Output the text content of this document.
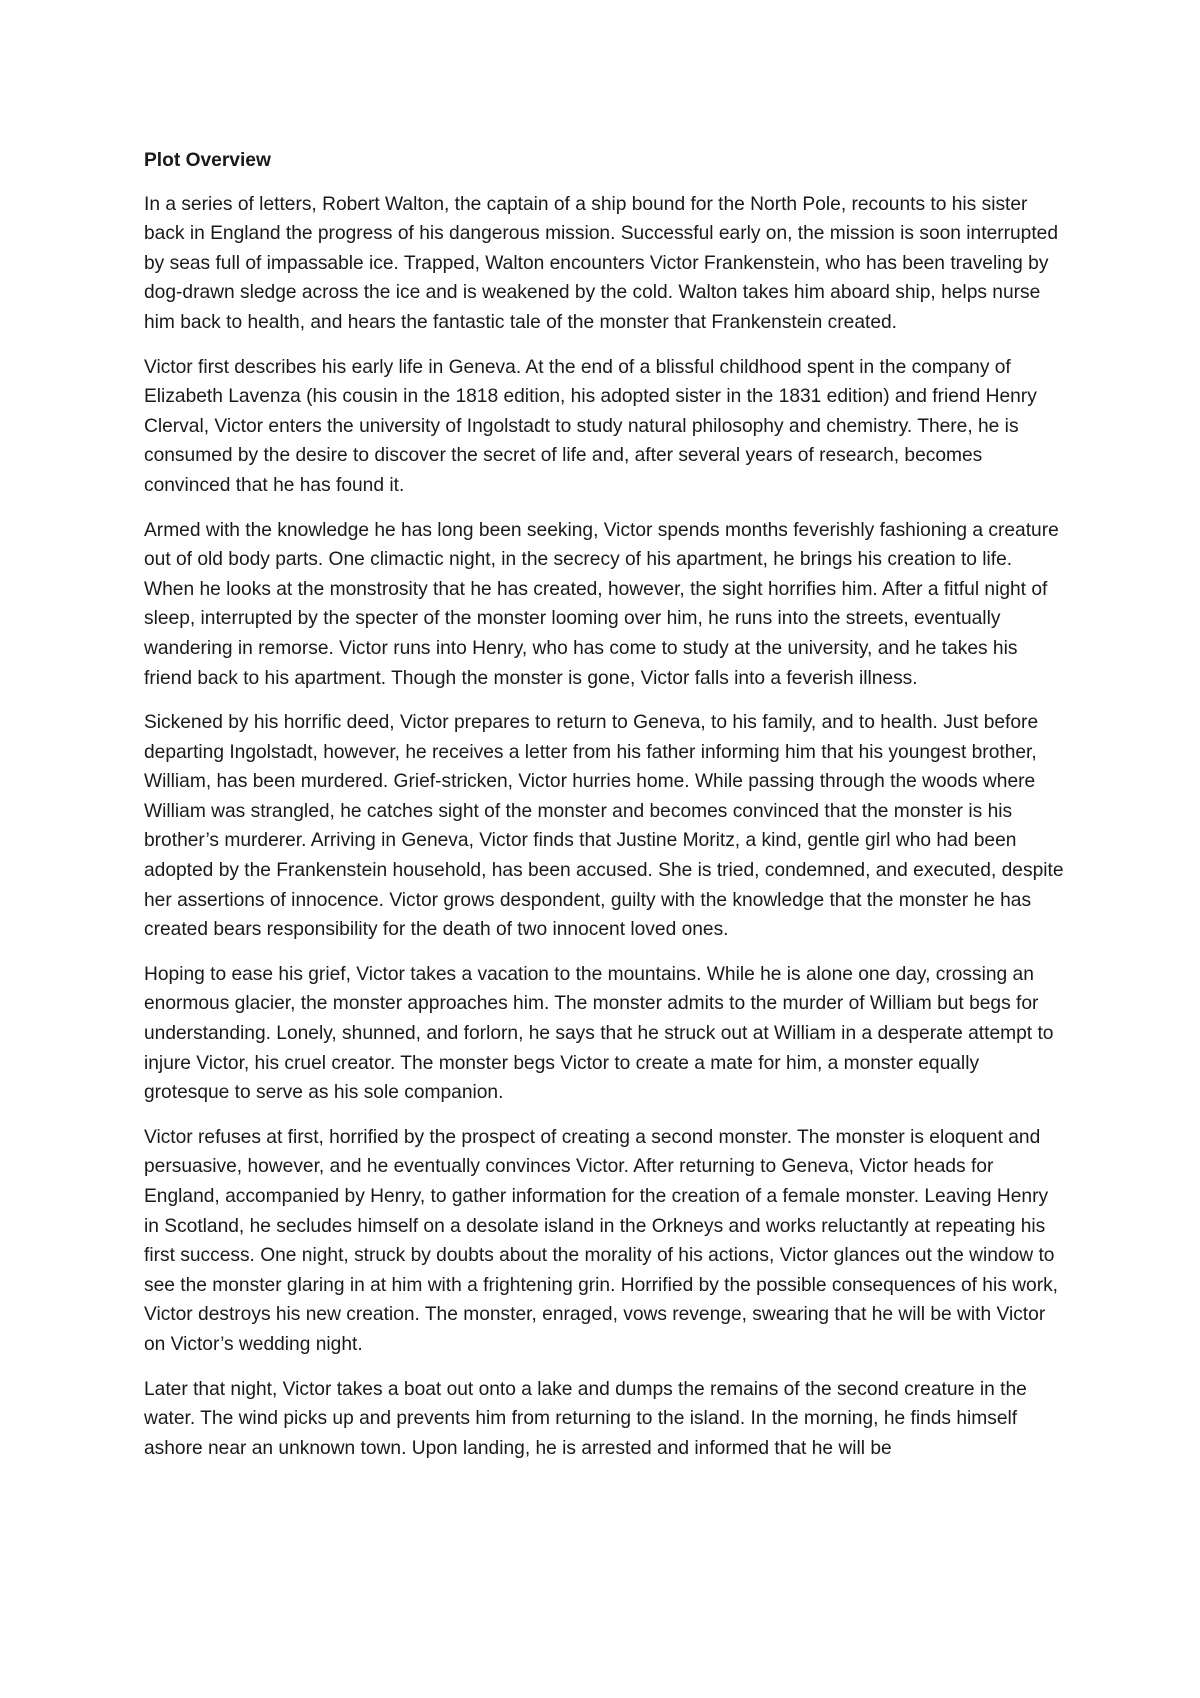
Plot Overview

In a series of letters, Robert Walton, the captain of a ship bound for the North Pole, recounts to his sister back in England the progress of his dangerous mission. Successful early on, the mission is soon interrupted by seas full of impassable ice. Trapped, Walton encounters Victor Frankenstein, who has been traveling by dog-drawn sledge across the ice and is weakened by the cold. Walton takes him aboard ship, helps nurse him back to health, and hears the fantastic tale of the monster that Frankenstein created.

Victor first describes his early life in Geneva. At the end of a blissful childhood spent in the company of Elizabeth Lavenza (his cousin in the 1818 edition, his adopted sister in the 1831 edition) and friend Henry Clerval, Victor enters the university of Ingolstadt to study natural philosophy and chemistry. There, he is consumed by the desire to discover the secret of life and, after several years of research, becomes convinced that he has found it.

Armed with the knowledge he has long been seeking, Victor spends months feverishly fashioning a creature out of old body parts. One climactic night, in the secrecy of his apartment, he brings his creation to life. When he looks at the monstrosity that he has created, however, the sight horrifies him. After a fitful night of sleep, interrupted by the specter of the monster looming over him, he runs into the streets, eventually wandering in remorse. Victor runs into Henry, who has come to study at the university, and he takes his friend back to his apartment. Though the monster is gone, Victor falls into a feverish illness.

Sickened by his horrific deed, Victor prepares to return to Geneva, to his family, and to health. Just before departing Ingolstadt, however, he receives a letter from his father informing him that his youngest brother, William, has been murdered. Grief-stricken, Victor hurries home. While passing through the woods where William was strangled, he catches sight of the monster and becomes convinced that the monster is his brother’s murderer. Arriving in Geneva, Victor finds that Justine Moritz, a kind, gentle girl who had been adopted by the Frankenstein household, has been accused. She is tried, condemned, and executed, despite her assertions of innocence. Victor grows despondent, guilty with the knowledge that the monster he has created bears responsibility for the death of two innocent loved ones.

Hoping to ease his grief, Victor takes a vacation to the mountains. While he is alone one day, crossing an enormous glacier, the monster approaches him. The monster admits to the murder of William but begs for understanding. Lonely, shunned, and forlorn, he says that he struck out at William in a desperate attempt to injure Victor, his cruel creator. The monster begs Victor to create a mate for him, a monster equally grotesque to serve as his sole companion.

Victor refuses at first, horrified by the prospect of creating a second monster. The monster is eloquent and persuasive, however, and he eventually convinces Victor. After returning to Geneva, Victor heads for England, accompanied by Henry, to gather information for the creation of a female monster. Leaving Henry in Scotland, he secludes himself on a desolate island in the Orkneys and works reluctantly at repeating his first success. One night, struck by doubts about the morality of his actions, Victor glances out the window to see the monster glaring in at him with a frightening grin. Horrified by the possible consequences of his work, Victor destroys his new creation. The monster, enraged, vows revenge, swearing that he will be with Victor on Victor’s wedding night.

Later that night, Victor takes a boat out onto a lake and dumps the remains of the second creature in the water. The wind picks up and prevents him from returning to the island. In the morning, he finds himself ashore near an unknown town. Upon landing, he is arrested and informed that he will be
